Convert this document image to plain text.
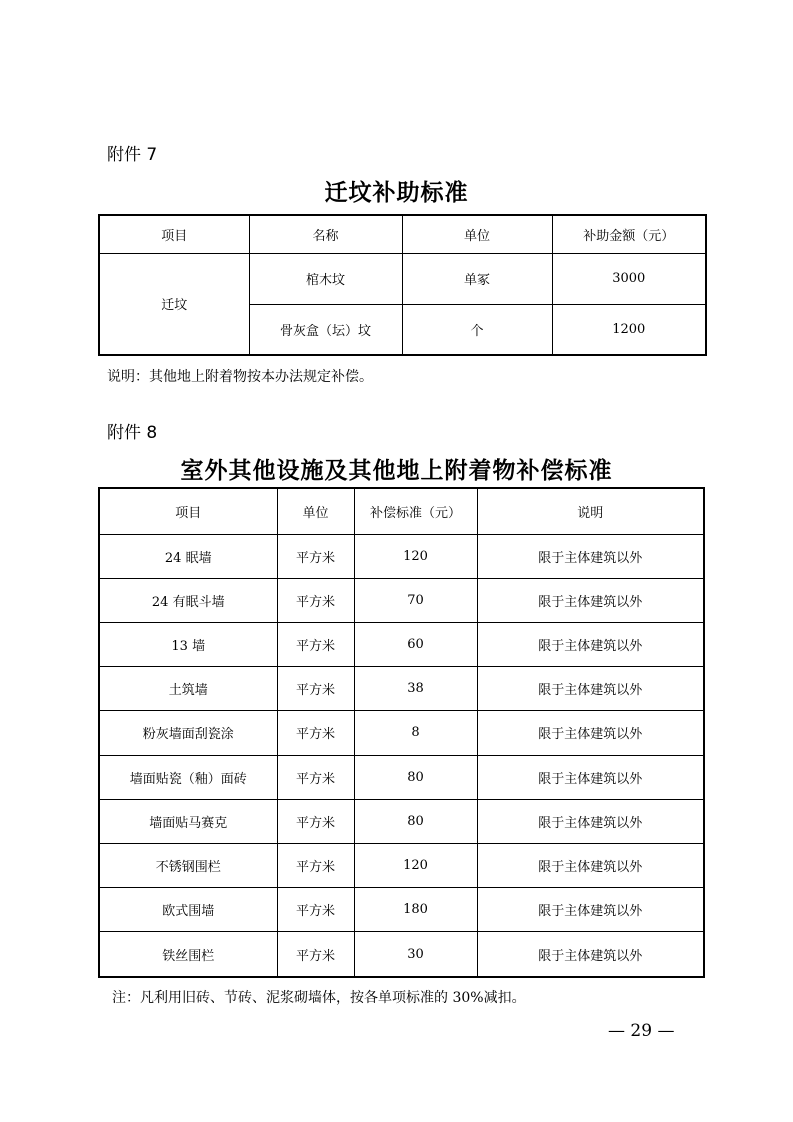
附件 7
迁坟补助标准
项目	名称	单位	补助金额（元）
迁坟	棺木坟	单冢	3000
	骨灰盒（坛）坟	个	1200
说明：其他地上附着物按本办法规定补偿。
附件 8
室外其他设施及其他地上附着物补偿标准
项目	单位	补偿标准（元）	说明
24 眠墙	平方米	120	限于主体建筑以外
24 有眠斗墙	平方米	70	限于主体建筑以外
13 墙	平方米	60	限于主体建筑以外
土筑墙	平方米	38	限于主体建筑以外
粉灰墙面刮瓷涂	平方米	8	限于主体建筑以外
墙面贴瓷（釉）面砖	平方米	80	限于主体建筑以外
墙面贴马赛克	平方米	80	限于主体建筑以外
不锈钢围栏	平方米	120	限于主体建筑以外
欧式围墙	平方米	180	限于主体建筑以外
铁丝围栏	平方米	30	限于主体建筑以外
注：凡利用旧砖、节砖、泥浆砌墙体，按各单项标准的 30%减扣。
— 29 —
